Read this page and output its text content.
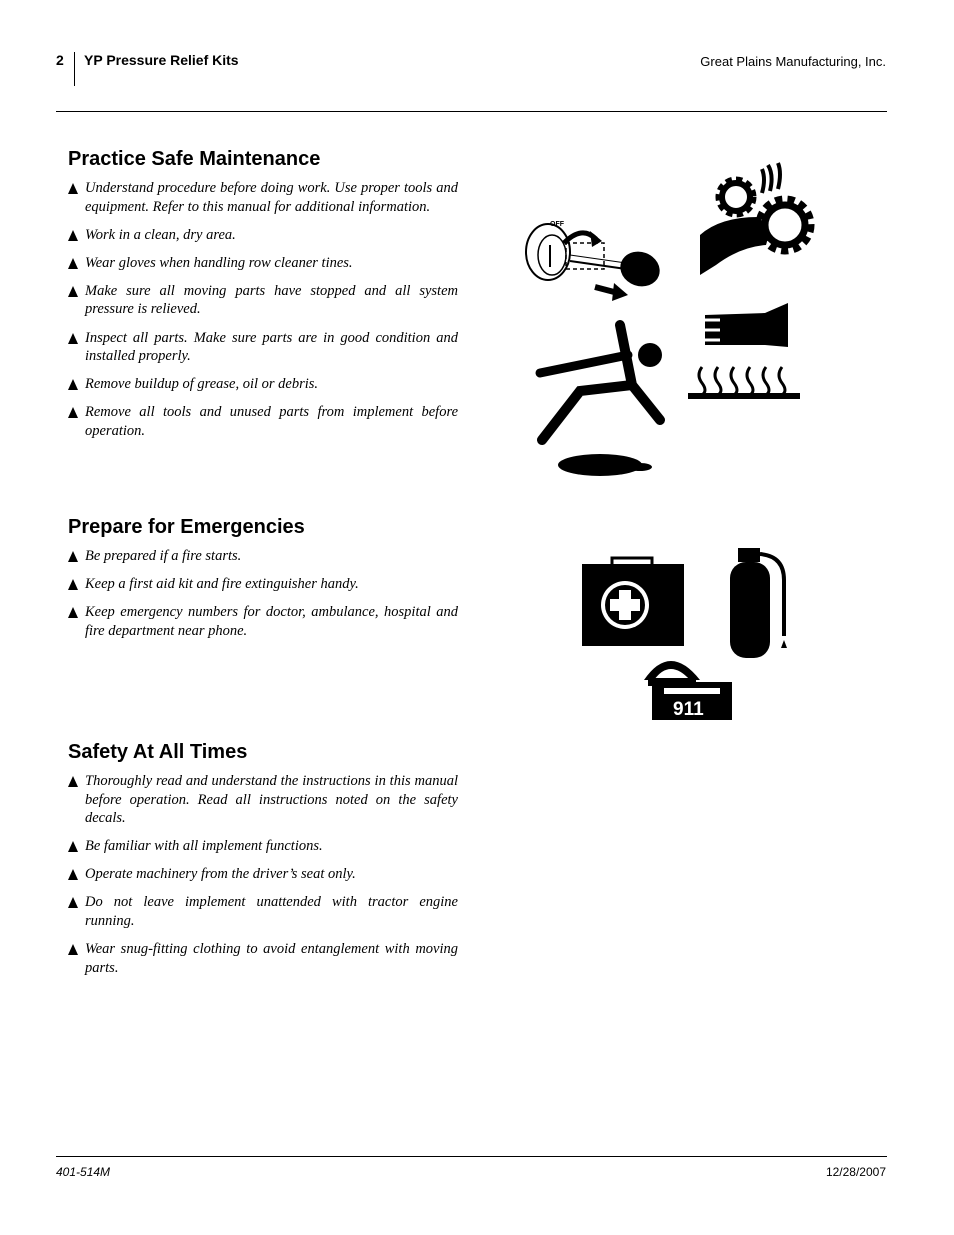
2 YP Pressure Relief Kits	Great Plains Manufacturing, Inc.
Practice Safe Maintenance
Understand procedure before doing work. Use proper tools and equipment. Refer to this manual for additional information.
Work in a clean, dry area.
Wear gloves when handling row cleaner tines.
Make sure all moving parts have stopped and all system pressure is relieved.
Inspect all parts. Make sure parts are in good condition and installed properly.
Remove buildup of grease, oil or debris.
Remove all tools and unused parts from implement before operation.
Prepare for Emergencies
Be prepared if a fire starts.
Keep a first aid kit and fire extinguisher handy.
Keep emergency numbers for doctor, ambulance, hospital and fire department near phone.
Safety At All Times
Thoroughly read and understand the instructions in this manual before operation. Read all instructions noted on the safety decals.
Be familiar with all implement functions.
Operate machinery from the driver’s seat only.
Do not leave implement unattended with tractor engine running.
Wear snug-fitting clothing to avoid entanglement with moving parts.
OFF
911
401-514M	12/28/2007
